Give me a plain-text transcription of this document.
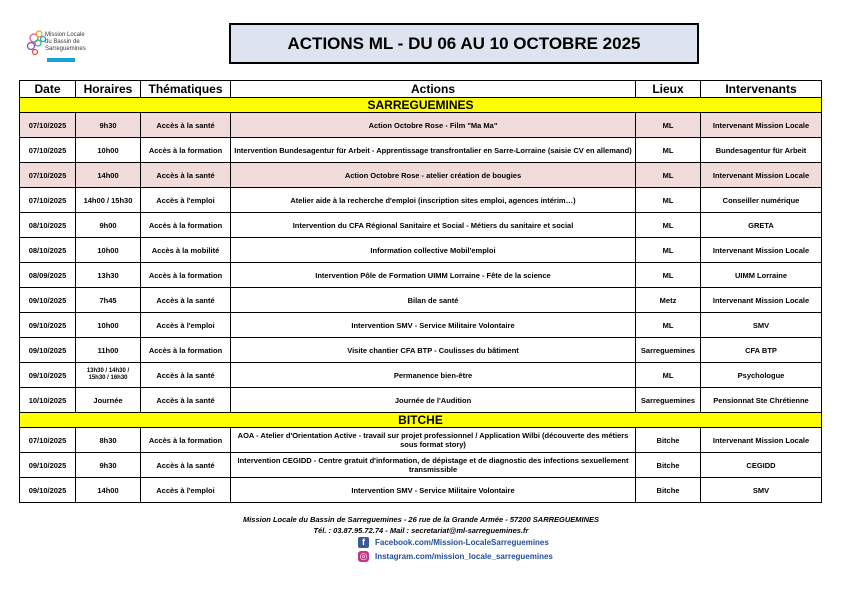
Mission Locale
du Bassin de
Sarreguemines	ACTIONS ML - DU 06 AU 10 OCTOBRE 2025
Date	Horaires	Thématiques	Actions	Lieux	Intervenants
SARREGUEMINES					
07/10/2025	9h30	Accès à la santé	Action Octobre Rose - Film "Ma Ma"	ML	Intervenant Mission Locale
07/10/2025	10h00	Accès à la formation	Intervention Bundesagentur für Arbeit - Apprentissage transfrontalier en Sarre-Lorraine (saisie CV en allemand)	ML	Bundesagentur für Arbeit
07/10/2025	14h00	Accès à la santé	Action Octobre Rose - atelier création de bougies	ML	Intervenant Mission Locale
07/10/2025	14h00 / 15h30	Accès à l'emploi	Atelier aide à la recherche d'emploi (inscription sites emploi, agences intérim…)	ML	Conseiller numérique
08/10/2025	9h00	Accès à la formation	Intervention du CFA Régional Sanitaire et Social - Métiers du sanitaire et social	ML	GRETA
08/10/2025	10h00	Accès à la mobilité	Information collective Mobil'emploi	ML	Intervenant Mission Locale
08/09/2025	13h30	Accès à la formation	Intervention Pôle de Formation UIMM Lorraine - Fête de la science	ML	UIMM Lorraine
09/10/2025	7h45	Accès à la santé	Bilan de santé	Metz	Intervenant Mission Locale
09/10/2025	10h00	Accès à l'emploi	Intervention SMV - Service Militaire Volontaire	ML	SMV
09/10/2025	11h00	Accès à la formation	Visite chantier CFA BTP - Coulisses du bâtiment	Sarreguemines	CFA BTP
09/10/2025	13h30 / 14h30 / 15h30 / 16h30	Accès à la santé	Permanence bien-être	ML	Psychologue
10/10/2025	Journée	Accès à la santé	Journée de l'Audition	Sarreguemines	Pensionnat Ste Chrétienne
BITCHE					
07/10/2025	8h30	Accès à la formation	AOA - Atelier d'Orientation Active - travail sur projet professionnel / Application Wilbi (découverte des métiers sous format story)	Bitche	Intervenant Mission Locale
09/10/2025	9h30	Accès à la santé	Intervention CEGIDD - Centre gratuit d'information, de dépistage et de diagnostic des infections sexuellement transmissible	Bitche	CEGIDD
09/10/2025	14h00	Accès à l'emploi	Intervention SMV - Service Militaire Volontaire	Bitche	SMV
Mission Locale du Bassin de Sarreguemines - 26 rue de la Grande Armée - 57200 SARREGUEMINES
Tél. : 03.87.95.72.74 - Mail : secretariat@ml-sarreguemines.fr
f	Facebook.com/Mission-LocaleSarreguemines
◎ Instagram.com/mission_locale_sarreguemines
